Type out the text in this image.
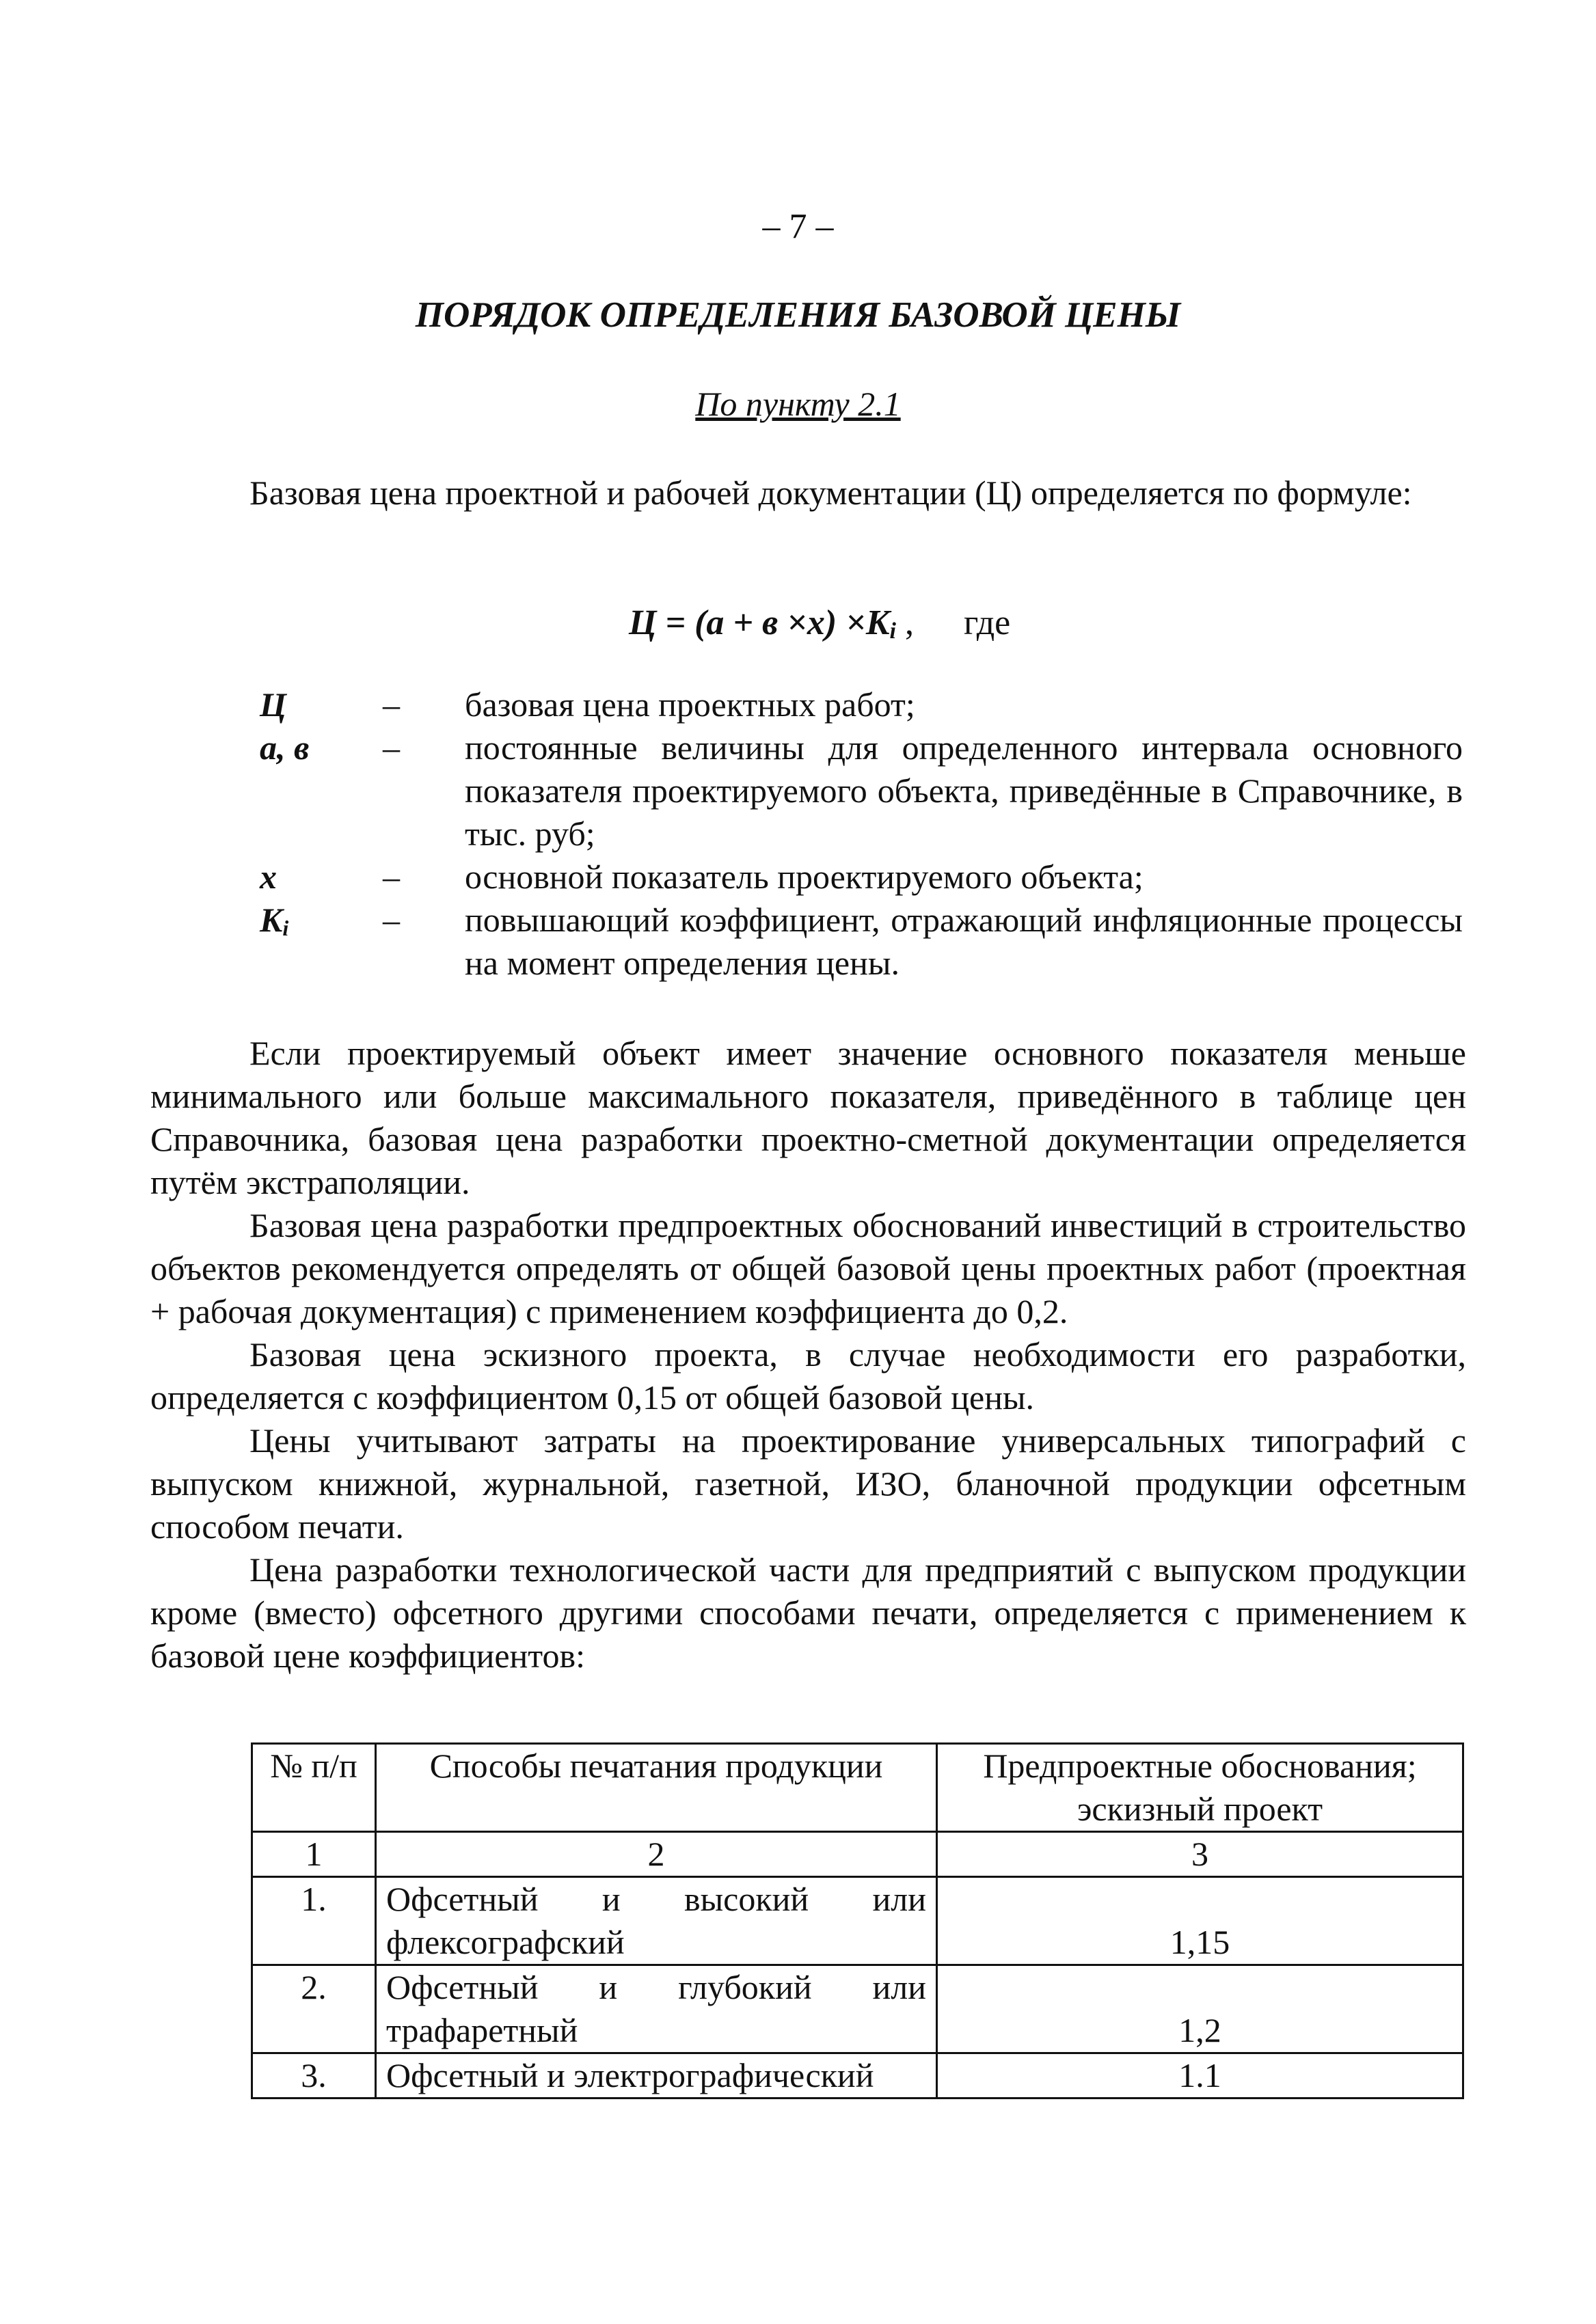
– 7 –
ПОРЯДОК ОПРЕДЕЛЕНИЯ БАЗОВОЙ ЦЕНЫ
По пункту 2.1
Базовая цена проектной и рабочей документации (Ц) определяется по формуле:
Ц = (а + в ×х) ×Ki , где
Ц	–	базовая цена проектных работ;
а, в	–	постоянные величины для определенного интервала основного показателя проектируемого объекта, приведённые в Справочнике, в тыс. руб;
х	–	основной показатель проектируемого объекта;
Ki	–	повышающий коэффициент, отражающий инфляционные процессы на момент определения цены.
Если проектируемый объект имеет значение основного показателя меньше минимального или больше максимального показателя, приведённого в таблице цен Справочника, базовая цена разработки проектно-сметной документации определяется путём экстраполяции.
Базовая цена разработки предпроектных обоснований инвестиций в строительство объектов рекомендуется определять от общей базовой цены проектных работ (проектная + рабочая документация) с применением коэффициента до 0,2.
Базовая цена эскизного проекта, в случае необходимости его разработки, определяется с коэффициентом 0,15 от общей базовой цены.
Цены учитывают затраты на проектирование универсальных типографий с выпуском книжной, журнальной, газетной, ИЗО, бланочной продукции офсетным способом печати.
Цена разработки технологической части для предприятий с выпуском продукции кроме (вместо) офсетного другими способами печати, определяется с применением к базовой цене коэффициентов:
№ п/п	Способы печатания продукции	Предпроектные обоснования; эскизный проект
1	2	3
1.	Офсетный и высокий или флексографский	1,15
2.	Офсетный и глубокий или трафаретный	1,2
3.	Офсетный и электрографический	1.1
